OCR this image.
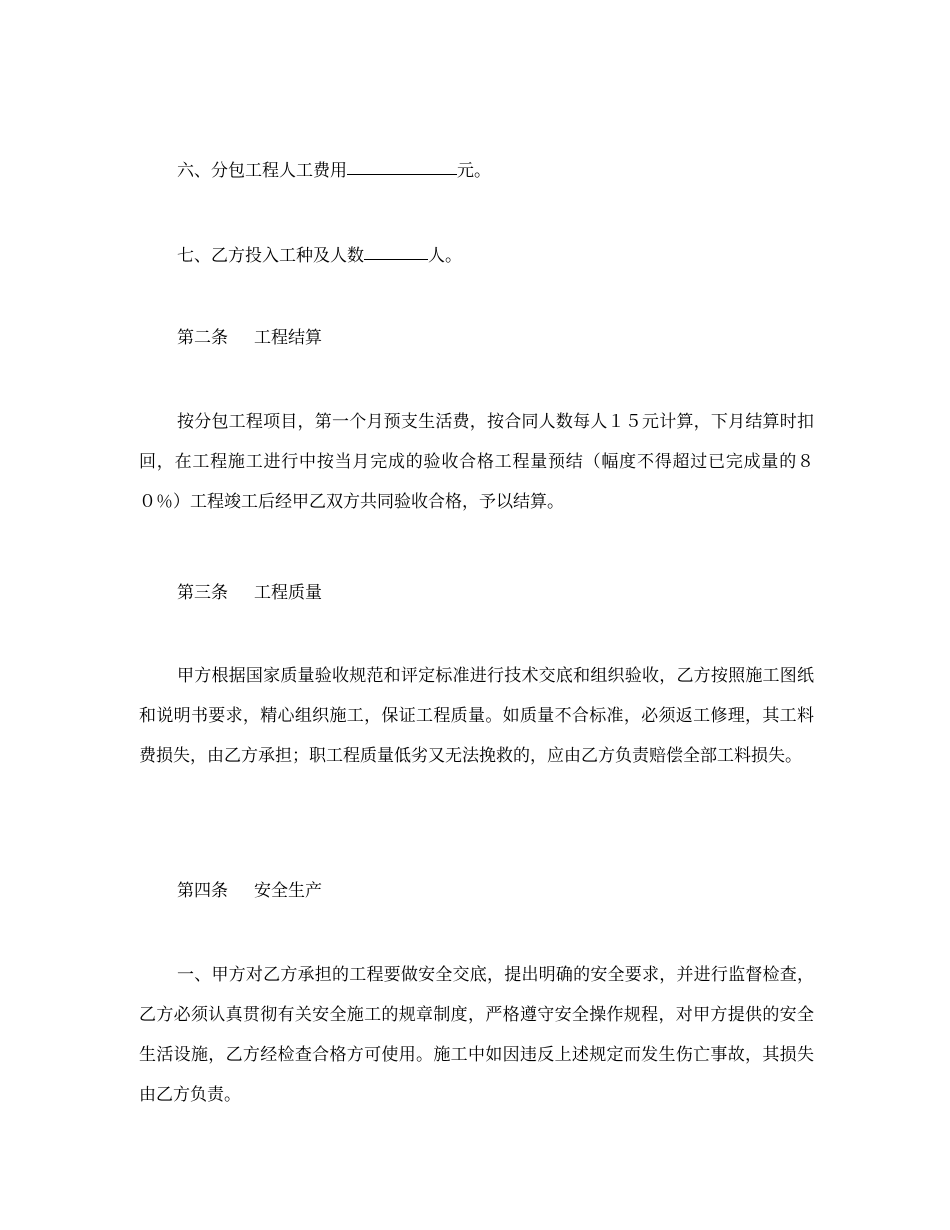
六、分包工程人工费用	元。

七、乙方投入工种及人数	人。

第二条 工程结算

按分包工程项目，第一个月预支生活费，按合同人数每人１５元计算，下月结算时扣回，在工程施工进行中按当月完成的验收合格工程量预结（幅度不得超过已完成量的８０％）工程竣工后经甲乙双方共同验收合格，予以结算。

第三条 工程质量

甲方根据国家质量验收规范和评定标准进行技术交底和组织验收，乙方按照施工图纸和说明书要求，精心组织施工，保证工程质量。如质量不合标准，必须返工修理，其工料费损失，由乙方承担；职工程质量低劣又无法挽救的，应由乙方负责赔偿全部工料损失。

第四条 安全生产

一、甲方对乙方承担的工程要做安全交底，提出明确的安全要求，并进行监督检查，乙方必须认真贯彻有关安全施工的规章制度，严格遵守安全操作规程，对甲方提供的安全生活设施，乙方经检查合格方可使用。施工中如因违反上述规定而发生伤亡事故，其损失由乙方负责。
